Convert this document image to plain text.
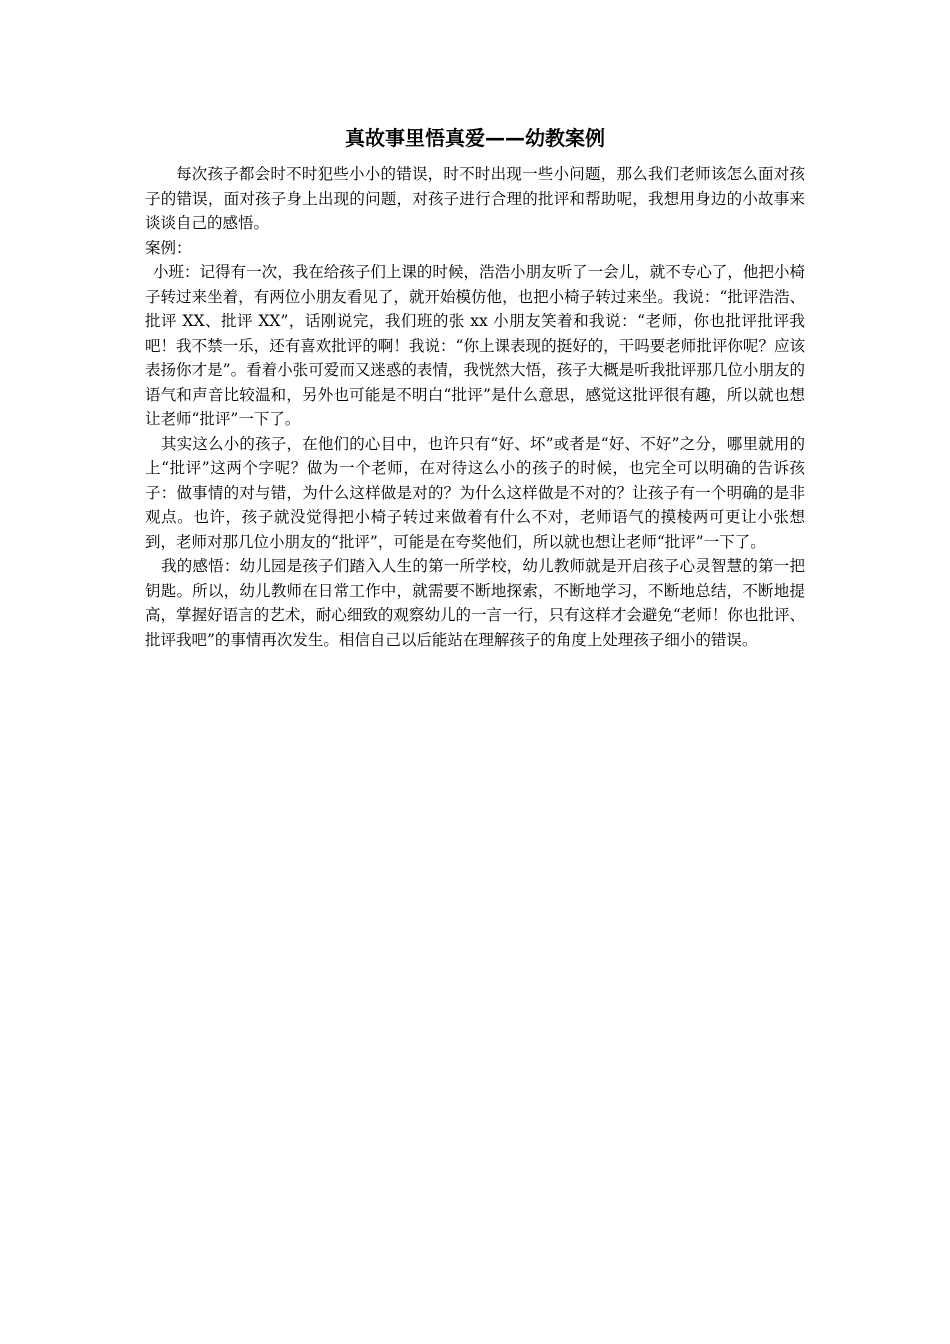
真故事里悟真爱——幼教案例

每次孩子都会时不时犯些小小的错误，时不时出现一些小问题，那么我们老师该怎么面对孩子的错误，面对孩子身上出现的问题，对孩子进行合理的批评和帮助呢，我想用身边的小故事来谈谈自己的感悟。

案例：

小班：记得有一次，我在给孩子们上课的时候，浩浩小朋友听了一会儿，就不专心了，他把小椅子转过来坐着，有两位小朋友看见了，就开始模仿他，也把小椅子转过来坐。我说：“批评浩浩、批评 XX、批评 XX”，话刚说完，我们班的张 xx 小朋友笑着和我说：“老师，你也批评批评我吧！我不禁一乐，还有喜欢批评的啊！我说：“你上课表现的挺好的，干吗要老师批评你呢？应该表扬你才是”。看着小张可爱而又迷惑的表情，我恍然大悟，孩子大概是听我批评那几位小朋友的语气和声音比较温和，另外也可能是不明白“批评”是什么意思，感觉这批评很有趣，所以就也想让老师“批评”一下了。

其实这么小的孩子，在他们的心目中，也许只有“好、坏”或者是“好、不好”之分，哪里就用的上“批评”这两个字呢？做为一个老师，在对待这么小的孩子的时候，也完全可以明确的告诉孩子：做事情的对与错，为什么这样做是对的？为什么这样做是不对的？让孩子有一个明确的是非观点。也许，孩子就没觉得把小椅子转过来做着有什么不对，老师语气的摸棱两可更让小张想到，老师对那几位小朋友的“批评”，可能是在夸奖他们，所以就也想让老师“批评”一下了。

我的感悟：幼儿园是孩子们踏入人生的第一所学校，幼儿教师就是开启孩子心灵智慧的第一把钥匙。所以，幼儿教师在日常工作中，就需要不断地探索，不断地学习，不断地总结，不断地提高，掌握好语言的艺术，耐心细致的观察幼儿的一言一行，只有这样才会避免“老师！你也批评、批评我吧”的事情再次发生。相信自己以后能站在理解孩子的角度上处理孩子细小的错误。
